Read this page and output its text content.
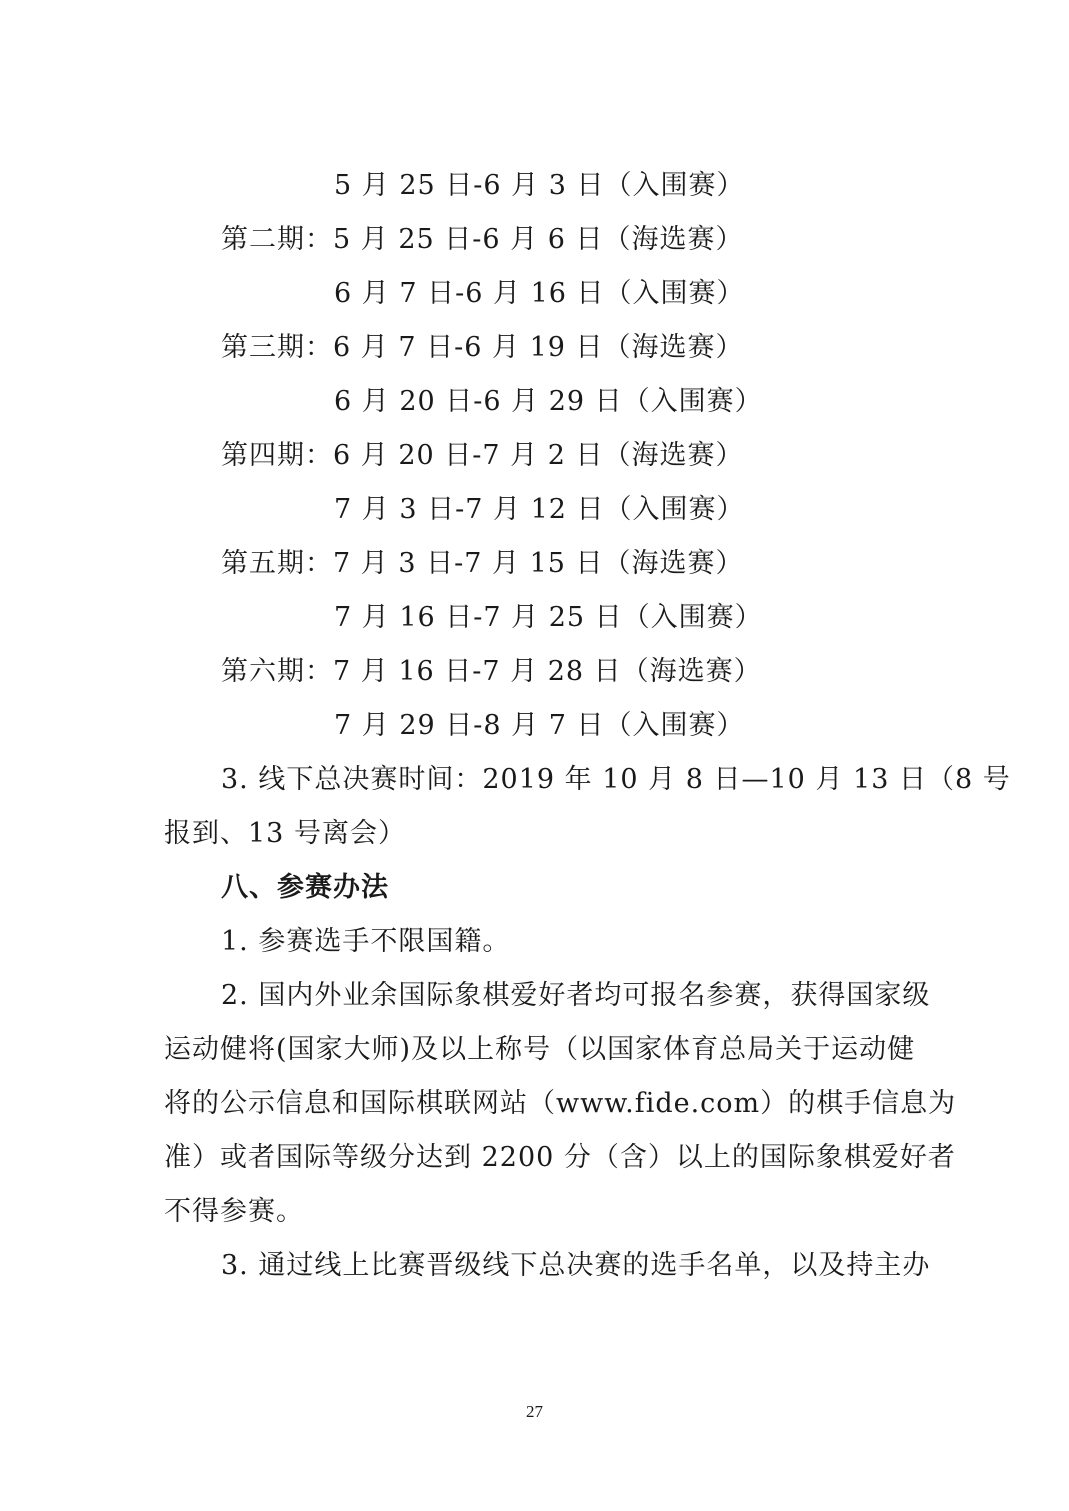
5 月 25 日-6 月 3 日（入围赛）
第二期：5 月 25 日-6 月 6 日（海选赛）
6 月 7 日-6 月 16 日（入围赛）
第三期：6 月 7 日-6 月 19 日（海选赛）
6 月 20 日-6 月 29 日（入围赛）
第四期：6 月 20 日-7 月 2 日（海选赛）
7 月 3 日-7 月 12 日（入围赛）
第五期：7 月 3 日-7 月 15 日（海选赛）
7 月 16 日-7 月 25 日（入围赛）
第六期：7 月 16 日-7 月 28 日（海选赛）
7 月 29 日-8 月 7 日（入围赛）
3. 线下总决赛时间：2019 年 10 月 8 日—10 月 13 日（8 号
报到、13 号离会）
八、参赛办法
1. 参赛选手不限国籍。
2. 国内外业余国际象棋爱好者均可报名参赛，获得国家级
运动健将(国家大师)及以上称号（以国家体育总局关于运动健
将的公示信息和国际棋联网站（www.fide.com）的棋手信息为
准）或者国际等级分达到 2200 分（含）以上的国际象棋爱好者
不得参赛。
3. 通过线上比赛晋级线下总决赛的选手名单，以及持主办
27
